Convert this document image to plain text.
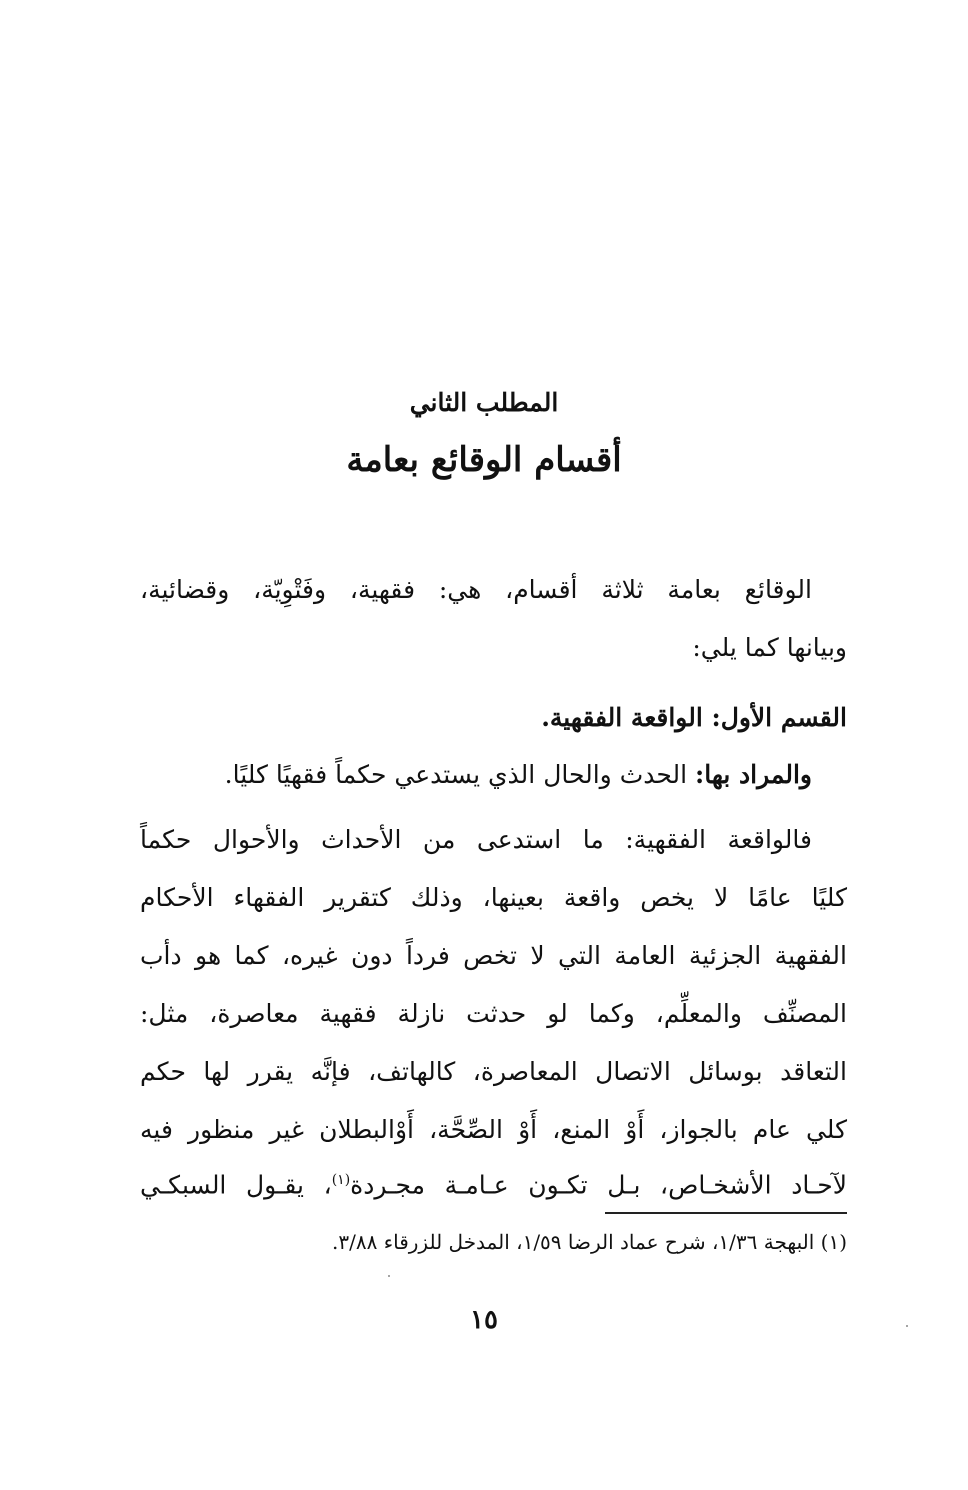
المطلب الثاني
أقسام الوقائع بعامة
الوقائع بعامة ثلاثة أقسام، هي: فقهية، وفَتْوِيّة، وقضائية،
وبيانها كما يلي:
القسم الأول: الواقعة الفقهية.
والمراد بها: الحدث والحال الذي يستدعي حكماً فقهيًا كليًا.
فالواقعة الفقهية: ما استدعى من الأحداث والأحوال حكماً
كليًا عامًا لا يخص واقعة بعينها، وذلك كتقرير الفقهاء الأحكام
الفقهية الجزئية العامة التي لا تخص فرداً دون غيره، كما هو دأب
المصنِّف والمعلِّم، وكما لو حدثت نازلة فقهية معاصرة، مثل:
التعاقد بوسائل الاتصال المعاصرة، كالهاتف، فإنَّه يقرر لها حكم
كلي عام بالجواز، أَوْ المنع، أَوْ الصِّحَّة، أَوْالبطلان غير منظور فيه
لآحـاد الأشخـاص، بـل تكـون عـامـة مجـردة$^{(١)}$، يقـول السبكـي
(١) البهجة ١/٣٦، شرح عماد الرضا ١/٥٩، المدخل للزرقاء ٣/٨٨.
١٥
